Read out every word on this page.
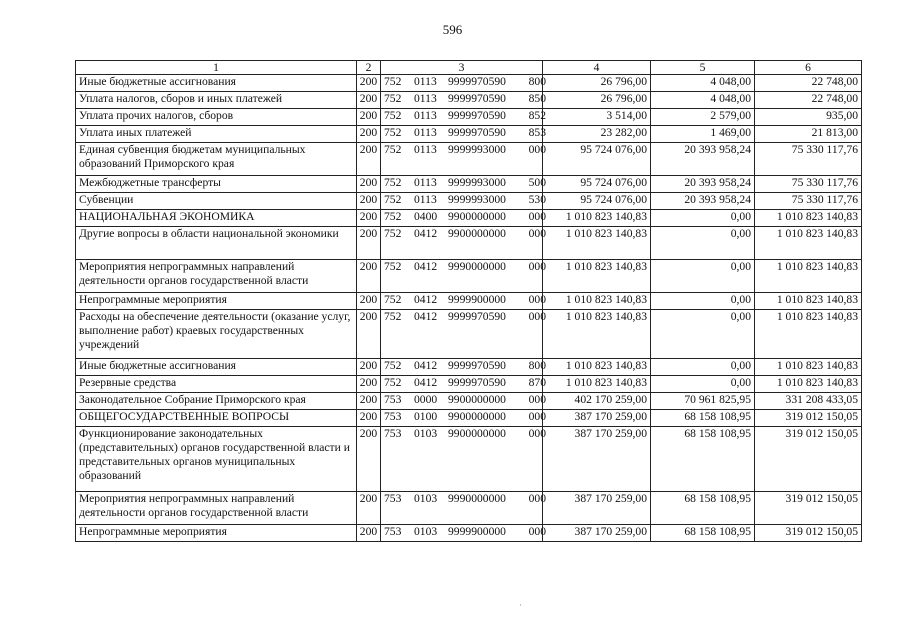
596
1	2	3	4	5	6
Иные бюджетные ассигнования	200	752 0113 9999970590 800	26 796,00	4 048,00	22 748,00
Уплата налогов, сборов и иных платежей	200	752 0113 9999970590 850	26 796,00	4 048,00	22 748,00
Уплата прочих налогов, сборов	200	752 0113 9999970590 852	3 514,00	2 579,00	935,00
Уплата иных платежей	200	752 0113 9999970590 853	23 282,00	1 469,00	21 813,00
Единая субвенция бюджетам муниципальных образований Приморского края	200	752 0113 9999993000 000	95 724 076,00	20 393 958,24	75 330 117,76
Межбюджетные трансферты	200	752 0113 9999993000 500	95 724 076,00	20 393 958,24	75 330 117,76
Субвенции	200	752 0113 9999993000 530	95 724 076,00	20 393 958,24	75 330 117,76
НАЦИОНАЛЬНАЯ ЭКОНОМИКА	200	752 0400 9900000000 000	1 010 823 140,83	0,00	1 010 823 140,83
Другие вопросы в области национальной экономики	200	752 0412 9900000000 000	1 010 823 140,83	0,00	1 010 823 140,83
Мероприятия непрограммных направлений деятельности органов государственной власти	200	752 0412 9990000000 000	1 010 823 140,83	0,00	1 010 823 140,83
Непрограммные мероприятия	200	752 0412 9999900000 000	1 010 823 140,83	0,00	1 010 823 140,83
Расходы на обеспечение деятельности (оказание услуг, выполнение работ) краевых государственных учреждений	200	752 0412 9999970590 000	1 010 823 140,83	0,00	1 010 823 140,83
Иные бюджетные ассигнования	200	752 0412 9999970590 800	1 010 823 140,83	0,00	1 010 823 140,83
Резервные средства	200	752 0412 9999970590 870	1 010 823 140,83	0,00	1 010 823 140,83
Законодательное Собрание Приморского края	200	753 0000 9900000000 000	402 170 259,00	70 961 825,95	331 208 433,05
ОБЩЕГОСУДАРСТВЕННЫЕ ВОПРОСЫ	200	753 0100 9900000000 000	387 170 259,00	68 158 108,95	319 012 150,05
Функционирование законодательных (представительных) органов государственной власти и представительных органов муниципальных образований	200	753 0103 9900000000 000	387 170 259,00	68 158 108,95	319 012 150,05
Мероприятия непрограммных направлений деятельности органов государственной власти	200	753 0103 9990000000 000	387 170 259,00	68 158 108,95	319 012 150,05
Непрограммные мероприятия	200	753 0103 9999900000 000	387 170 259,00	68 158 108,95	319 012 150,05
·
